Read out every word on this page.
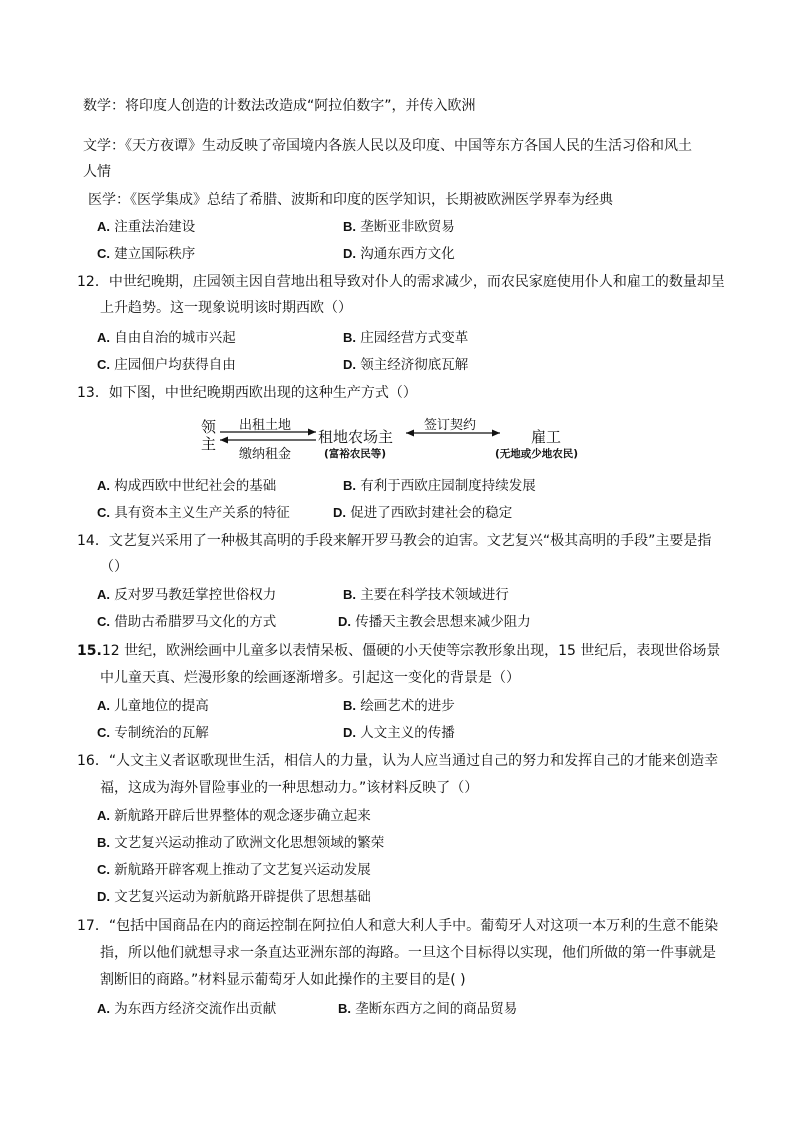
数学：将印度人创造的计数法改造成“阿拉伯数字”，并传入欧洲
文学：《天方夜谭》生动反映了帝国境内各族人民以及印度、中国等东方各国人民的生活习俗和风土
人情
医学：《医学集成》总结了希腊、波斯和印度的医学知识，长期被欧洲医学界奉为经典
A. 注重法治建设	B. 垄断亚非欧贸易
C. 建立国际秩序	D. 沟通东西方文化
12．中世纪晚期，庄园领主因自营地出租导致对仆人的需求减少，而农民家庭使用仆人和雇工的数量却呈
上升趋势。这一现象说明该时期西欧（）
A. 自由自治的城市兴起	B. 庄园经营方式变革
C. 庄园佃户均获得自由	D. 领主经济彻底瓦解
13．如下图，中世纪晚期西欧出现的这种生产方式（）
领
主
出租土地
缴纳租金
租地农场主
(富裕农民等)
签订契约
雇工
(无地或少地农民)
A. 构成西欧中世纪社会的基础	B. 有利于西欧庄园制度持续发展
C. 具有资本主义生产关系的特征	D. 促进了西欧封建社会的稳定
14．文艺复兴采用了一种极其高明的手段来解开罗马教会的迫害。文艺复兴“极其高明的手段”主要是指
（）
A. 反对罗马教廷掌控世俗权力	B. 主要在科学技术领域进行
C. 借助古希腊罗马文化的方式	D. 传播天主教会思想来减少阻力
15.12 世纪，欧洲绘画中儿童多以表情呆板、僵硬的小天使等宗教形象出现，15 世纪后，表现世俗场景
中儿童天真、烂漫形象的绘画逐渐增多。引起这一变化的背景是（）
A. 儿童地位的提高	B. 绘画艺术的进步
C. 专制统治的瓦解	D. 人文主义的传播
16．“人文主义者讴歌现世生活，相信人的力量，认为人应当通过自己的努力和发挥自己的才能来创造幸
福，这成为海外冒险事业的一种思想动力。”该材料反映了（）
A. 新航路开辟后世界整体的观念逐步确立起来
B. 文艺复兴运动推动了欧洲文化思想领域的繁荣
C. 新航路开辟客观上推动了文艺复兴运动发展
D. 文艺复兴运动为新航路开辟提供了思想基础
17．“包括中国商品在内的商运控制在阿拉伯人和意大利人手中。葡萄牙人对这项一本万利的生意不能染
指，所以他们就想寻求一条直达亚洲东部的海路。一旦这个目标得以实现，他们所做的第一件事就是
割断旧的商路。”材料显示葡萄牙人如此操作的主要目的是( )
A. 为东西方经济交流作出贡献	B. 垄断东西方之间的商品贸易
